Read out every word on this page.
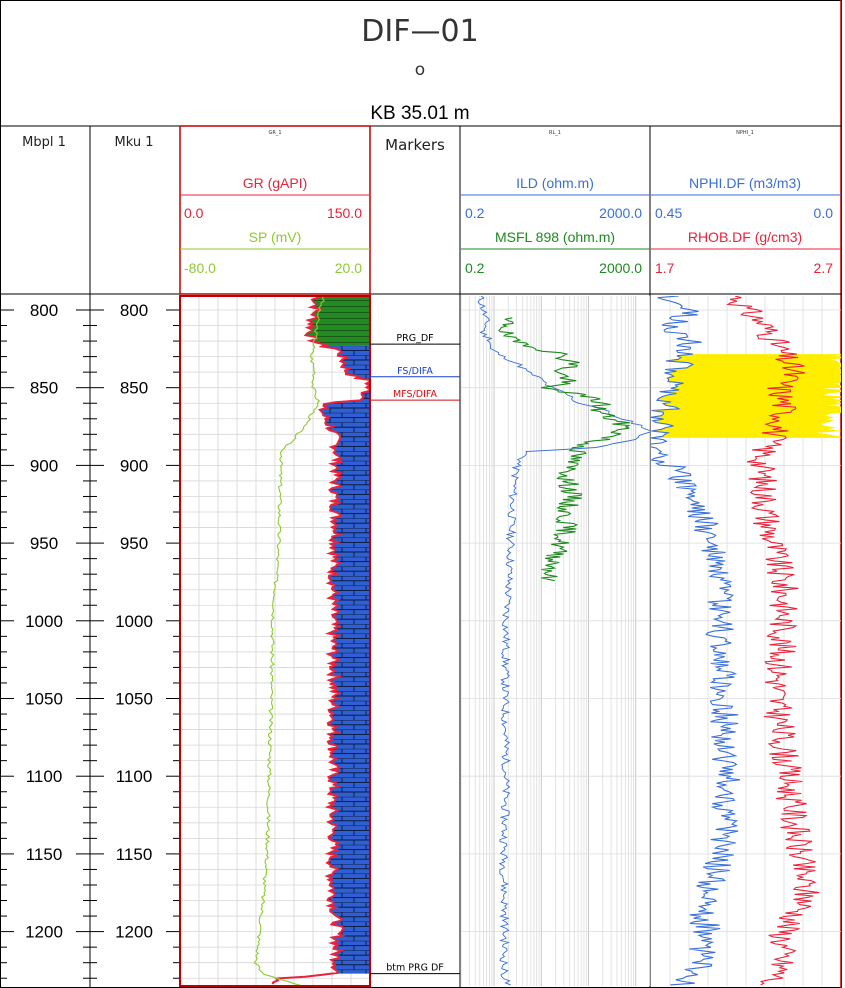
DIF—01
o
KB 35.01 m
Mbpl 1	Mku 1
GR_1
GR (gAPI)
0.0	150.0
SP (mV)
-80.0	20.0
Markers
RL_1
ILD (ohm.m)
0.2	2000.0
MSFL 898 (ohm.m)
0.2	2000.0
NPHI_1
NPHI.DF (m3/m3)
0.45	0.0
RHOB.DF (g/cm3)
1.7	2.7
800
850
900
950
1000
1050
1100
1150
1200
800
850
900
950
1000
1050
1100
1150
1200
PRG_DF
FS/DIFA
MFS/DIFA
btm PRG DF
